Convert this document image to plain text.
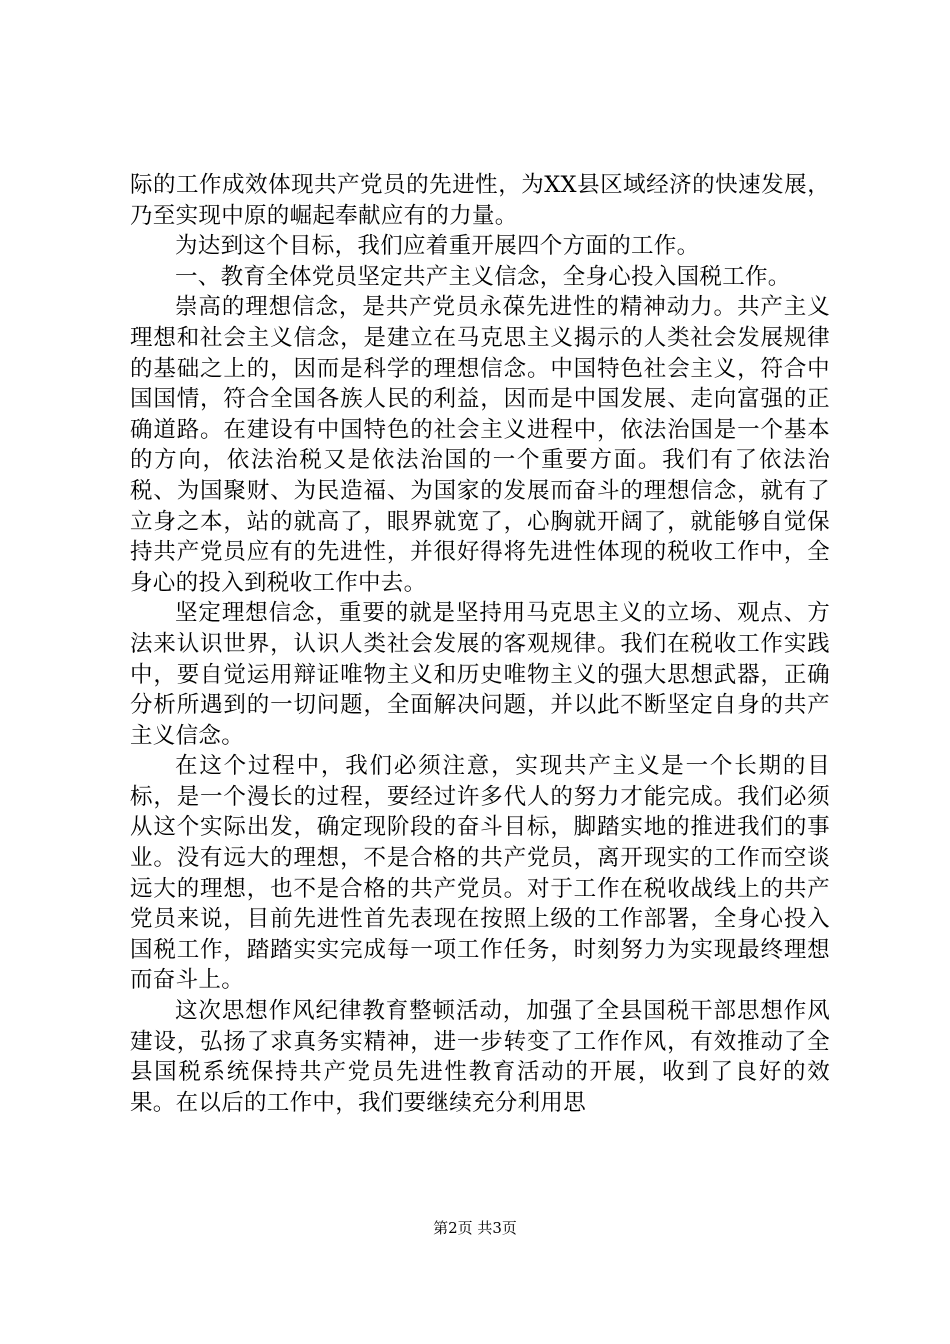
际的工作成效体现共产党员的先进性，为XX县区域经济的快速发展，乃至实现中原的崛起奉献应有的力量。

为达到这个目标，我们应着重开展四个方面的工作。

一、教育全体党员坚定共产主义信念，全身心投入国税工作。

崇高的理想信念，是共产党员永葆先进性的精神动力。共产主义理想和社会主义信念，是建立在马克思主义揭示的人类社会发展规律的基础之上的，因而是科学的理想信念。中国特色社会主义，符合中国国情，符合全国各族人民的利益，因而是中国发展、走向富强的正确道路。在建设有中国特色的社会主义进程中，依法治国是一个基本的方向，依法治税又是依法治国的一个重要方面。我们有了依法治税、为国聚财、为民造福、为国家的发展而奋斗的理想信念，就有了立身之本，站的就高了，眼界就宽了，心胸就开阔了，就能够自觉保持共产党员应有的先进性，并很好得将先进性体现的税收工作中，全身心的投入到税收工作中去。

坚定理想信念，重要的就是坚持用马克思主义的立场、观点、方法来认识世界，认识人类社会发展的客观规律。我们在税收工作实践中，要自觉运用辩证唯物主义和历史唯物主义的强大思想武器，正确分析所遇到的一切问题，全面解决问题，并以此不断坚定自身的共产主义信念。

在这个过程中，我们必须注意，实现共产主义是一个长期的目标，是一个漫长的过程，要经过许多代人的努力才能完成。我们必须从这个实际出发，确定现阶段的奋斗目标，脚踏实地的推进我们的事业。没有远大的理想，不是合格的共产党员，离开现实的工作而空谈远大的理想，也不是合格的共产党员。对于工作在税收战线上的共产党员来说，目前先进性首先表现在按照上级的工作部署，全身心投入国税工作，踏踏实实完成每一项工作任务，时刻努力为实现最终理想而奋斗上。

这次思想作风纪律教育整顿活动，加强了全县国税干部思想作风建设，弘扬了求真务实精神，进一步转变了工作作风，有效推动了全县国税系统保持共产党员先进性教育活动的开展，收到了良好的效果。在以后的工作中，我们要继续充分利用思

第2页 共3页
